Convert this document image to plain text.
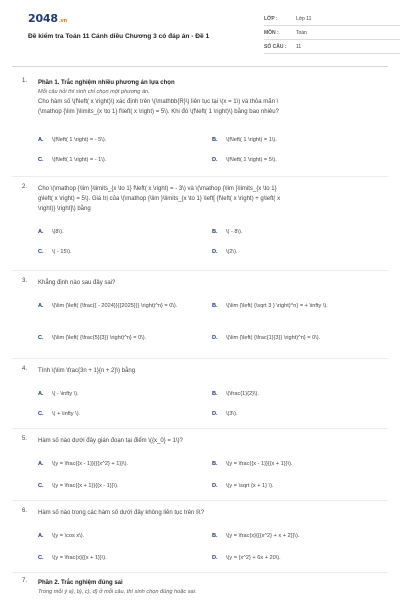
2048.vn
Đề kiểm tra Toán 11 Cánh diều Chương 3 có đáp án - Đề 1
LỚP :	Lớp 11
MÔN :	Toán
SỐ CÂU :	11
1. Phần 1. Trắc nghiệm nhiều phương án lựa chọn
Mỗi câu hỏi thí sinh chỉ chọn một phương án.
Cho hàm số \(f\left( x \right)\) xác định trên \(\mathbb{R}\) liên tục tại \(x = 1\) và thỏa mãn \
(\mathop {\lim }\limits_{x \to 1} f\left( x \right) = 5\). Khi đó \(f\left( 1 \right)\) bằng bao nhiêu?
A.	\(f\left( 1 \right) = - 5\).	B.	\(f\left( 1 \right) = 1\).
C.	\(f\left( 1 \right) = - 1\).	D.	\(f\left( 1 \right) = 5\).
2. Cho \(\mathop {\lim }\limits_{x \to 1} f\left( x \right) = - 3\) và \(\mathop {\lim }\limits_{x \to 1}
g\left( x \right) = 5\). Giá trị của \(\mathop {\lim }\limits_{x \to 1} \left[ {f\left( x \right) + g\left( x
\right)} \right]\) bằng
A.	\(8\).	B.	\( - 8\).
C.	\( - 15\).	D.	\(2\).
3. Khẳng định nào sau đây sai?
A.	\(\lim {\left( {\frac{{ - 2024}}{{2025}}} \right)^n} = 0\).	B.	\(\lim {\left( {\sqrt 3 } \right)^n} = + \infty \).
C.	\(\lim {\left( {\frac{5}{3}} \right)^n} = 0\).	D.	\(\lim {\left( {\frac{1}{3}} \right)^n} = 0\).
4. Tính \(\lim \frac{3n + 1}{n + 2}\) bằng
A.	\( - \infty \).	B.	\(\frac{1}{2}\).
C.	\( + \infty \).	D.	\(3\).
5. Hàm số nào dưới đây gián đoạn tại điểm \({x_0} = 1\)?
A.	\(y = \frac{{x - 1}}{{{x^2} + 1}}\).	B.	\(y = \frac{{x - 1}}{{x + 1}}\).
C.	\(y = \frac{{x + 1}}{{x - 1}}\).	D.	\(y = \sqrt {x + 1} \).
6. Hàm số nào trong các hàm số dưới đây không liên tục trên ℝ?
A.	\(y = \cos x\).	B.	\(y = \frac{x}{{{x^2} + x + 2}}\).
C.	\(y = \frac{x}{{x + 1}}\).	D.	\(y = {x^2} + 6x + 20\).
7. Phần 2. Trắc nghiệm đúng sai
Trong mỗi ý a), b), c), d) ở mỗi câu, thí sinh chọn đúng hoặc sai.
